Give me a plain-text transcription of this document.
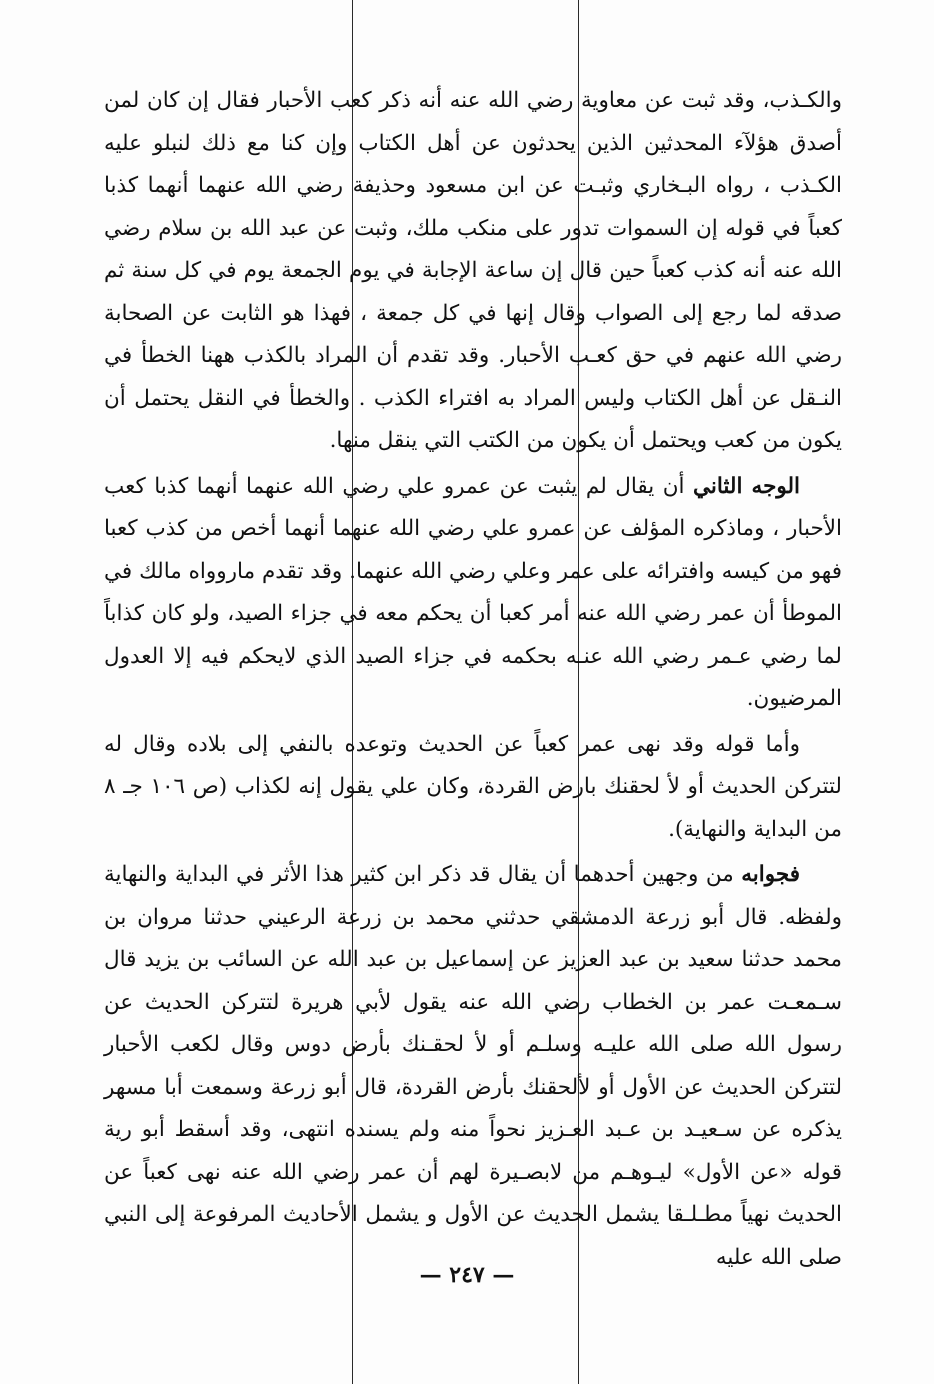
والكـذب، وقد ثبت عن معاوية رضي الله عنه أنه ذكر كعب الأحبار فقال إن كان لمن أصدق هؤلآء المحدثين الذين يحدثون عن أهل الكتاب وإن كنا مع ذلك لنبلو عليه الكـذب ، رواه البـخاري وثبـت عن ابن مسعود وحذيفة رضي الله عنهما أنهما كذبا كعباً في قوله إن السموات تدور على منكب ملك، وثبت عن عبد الله بن سلام رضي الله عنه أنه كذب كعباً حين قال إن ساعة الإجابة في يوم الجمعة يوم في كل سنة ثم صدقه لما رجع إلى الصواب وقال إنها في كل جمعة ، فهذا هو الثابت عن الصحابة رضي الله عنهم في حق كعـب الأحبار. وقد تقدم أن المراد بالكذب ههنا الخطأ في النـقل عن أهل الكتاب وليس المراد به افتراء الكذب . والخطأ في النقل يحتمل أن يكون من كعب ويحتمل أن يكون من الكتب التي ينقل منها.

الوجه الثاني أن يقال لم يثبت عن عمرو علي رضي الله عنهما أنهما كذبا كعب الأحبار ، وماذكره المؤلف عن عمرو علي رضي الله عنهما أنهما أخص من كذب كعبا فهو من كيسه وافترائه على عمر وعلي رضي الله عنهما. وقد تقدم ماروواه مالك في الموطأ أن عمر رضي الله عنه أمر كعبا أن يحكم معه في جزاء الصيد، ولو كان كذاباً لما رضي عـمر رضي الله عنـه بحكمه في جزاء الصيد الذي لايحكم فيه إلا العدول المرضيون.

وأما قوله وقد نهى عمر كعباً عن الحديث وتوعده بالنفي إلى بلاده وقال له لتتركن الحديث أو لأ لحقنك بارض القردة، وكان علي يقول إنه لكذاب (ص ١٠٦ جـ ٨ من البداية والنهاية).

فجوابه من وجهين أحدهما أن يقال قد ذكر ابن كثير هذا الأثر في البداية والنهاية ولفظه. قال أبو زرعة الدمشقي حدثني محمد بن زرعة الرعيني حدثنا مروان بن محمد حدثنا سعيد بن عبد العزيز عن إسماعيل بن عبد الله عن السائب بن يزيد قال سـمعـت عمر بن الخطاب رضي الله عنه يقول لأبي هريرة لتتركن الحديث عن رسول الله صلى الله عليـه وسلـم أو لأ لحقـنك بأرض دوس وقال لكعب الأحبار لتتركن الحديث عن الأول أو لألحقنك بأرض القردة، قال أبو زرعة وسمعت أبا مسهر يذكره عن سـعيـد بن عـبد العـزيز نحواً منه ولم يسنده انتهى، وقد أسقط أبو رية قوله «عن الأول» ليـوهـم من لابصـيرة لهم أن عمر رضي الله عنه نهى كعباً عن الحديث نهياً مطـلـقا يشمل الحديث عن الأول و يشمل الأحاديث المرفوعة إلى النبي صلى الله عليه

— ٢٤٧ —
